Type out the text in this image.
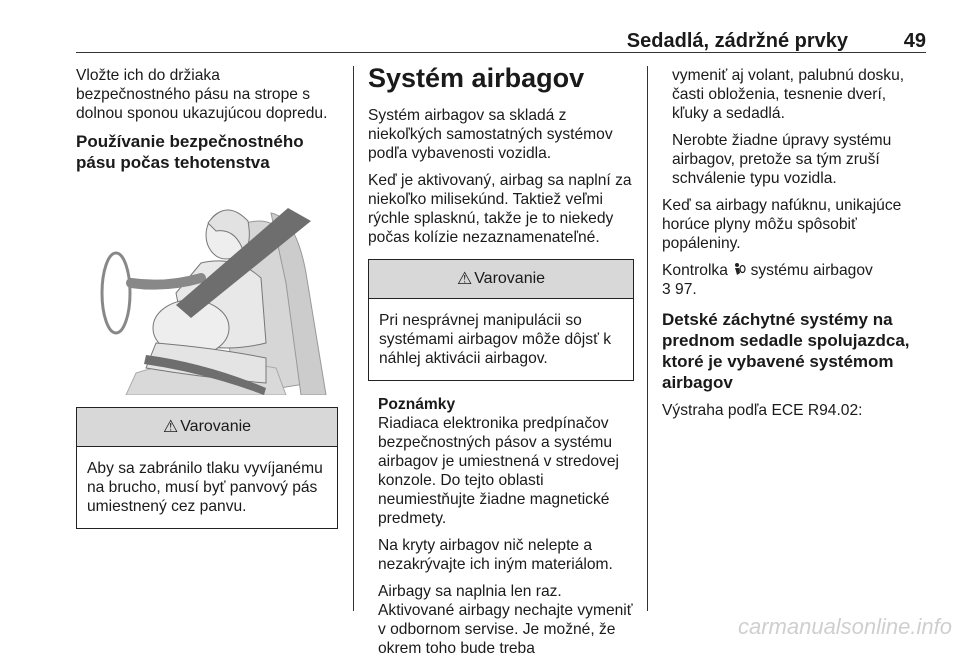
Sedadlá, zádržné prvky	49

Vložte ich do držiaka bezpečnostného pásu na strope s dolnou sponou ukazujúcou dopredu.

Používanie bezpečnostného pásu počas tehotenstva
⚠ Varovanie

Aby sa zabránilo tlaku vyvíjanému na brucho, musí byť panvový pás umiestnený cez panvu.

Systém airbagov

Systém airbagov sa skladá z niekoľkých samostatných systémov podľa vybavenosti vozidla.

Keď je aktivovaný, airbag sa naplní za niekoľko milisekúnd. Taktiež veľmi rýchle splasknú, takže je to niekedy počas kolízie nezaznamenateľné.

⚠ Varovanie

Pri nesprávnej manipulácii so systémami airbagov môže dôjsť k náhlej aktivácii airbagov.

Poznámky

Riadiaca elektronika predpínačov bezpečnostných pásov a systému airbagov je umiestnená v stredovej konzole. Do tejto oblasti neumiestňujte žiadne magnetické predmety.

Na kryty airbagov nič nelepte a nezakrývajte ich iným materiálom.

Airbagy sa naplnia len raz. Aktivované airbagy nechajte vymeniť v odbornom servise. Je možné, že okrem toho bude treba

vymeniť aj volant, palubnú dosku, časti obloženia, tesnenie dverí, kľuky a sedadlá.

Nerobte žiadne úpravy systému airbagov, pretože sa tým zruší schválenie typu vozidla.

Keď sa airbagy nafúknu, unikajúce horúce plyny môžu spôsobiť popáleniny.

Kontrolka systému airbagov
3 97.

Detské záchytné systémy na prednom sedadle spolujazdca, ktoré je vybavené systémom airbagov

Výstraha podľa ECE R94.02:

carmanualsonline.info
